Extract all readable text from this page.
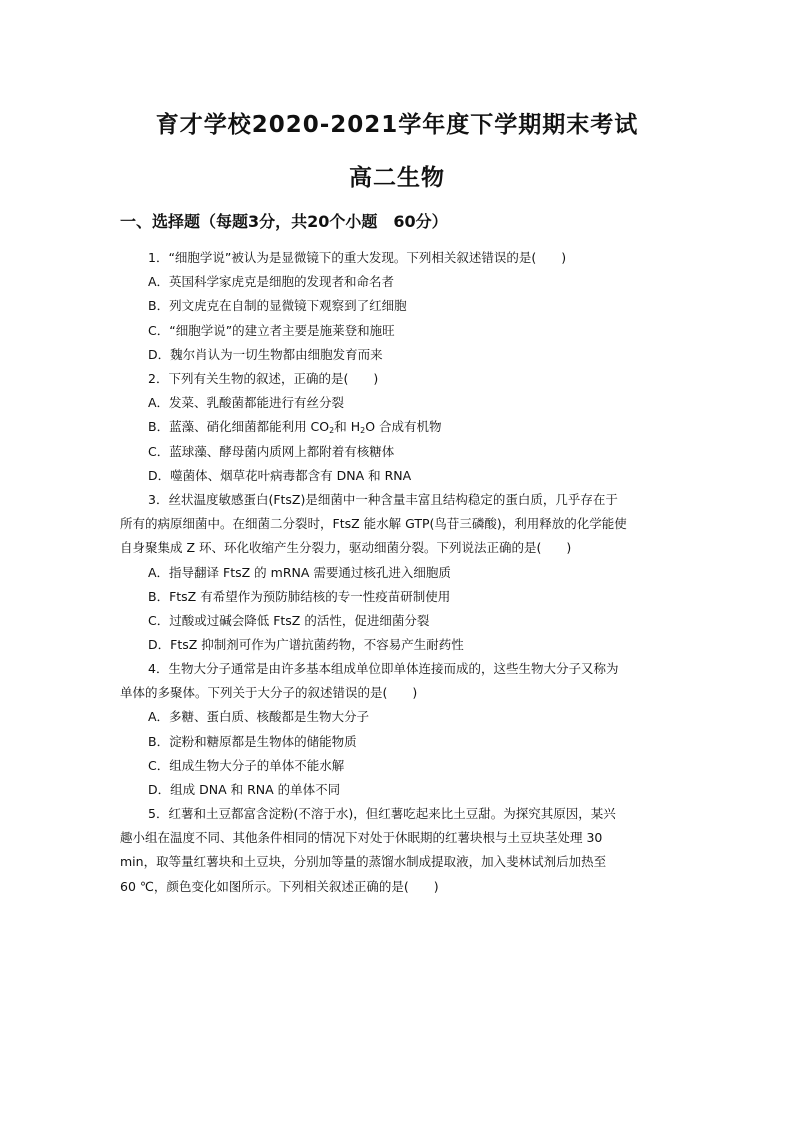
育才学校2020-2021学年度下学期期末考试
高二生物
一、选择题（每题3分，共20个小题　60分）
1．“细胞学说”被认为是显微镜下的重大发现。下列相关叙述错误的是(　　)
A．英国科学家虎克是细胞的发现者和命名者
B．列文虎克在自制的显微镜下观察到了红细胞
C．“细胞学说”的建立者主要是施莱登和施旺
D．魏尔肖认为一切生物都由细胞发育而来
2．下列有关生物的叙述，正确的是(　　)
A．发菜、乳酸菌都能进行有丝分裂
B．蓝藻、硝化细菌都能利用 $CO_2$和 $H_2O$ 合成有机物
C．蓝球藻、酵母菌内质网上都附着有核糖体
D．噬菌体、烟草花叶病毒都含有 DNA 和 RNA
3．丝状温度敏感蛋白(FtsZ)是细菌中一种含量丰富且结构稳定的蛋白质，几乎存在于
所有的病原细菌中。在细菌二分裂时，FtsZ 能水解 GTP(鸟苷三磷酸)，利用释放的化学能使
自身聚集成 Z 环、环化收缩产生分裂力，驱动细菌分裂。下列说法正确的是(　　)
A．指导翻译 FtsZ 的 mRNA 需要通过核孔进入细胞质
B．FtsZ 有希望作为预防肺结核的专一性疫苗研制使用
C．过酸或过碱会降低 FtsZ 的活性，促进细菌分裂
D．FtsZ 抑制剂可作为广谱抗菌药物，不容易产生耐药性
4．生物大分子通常是由许多基本组成单位即单体连接而成的，这些生物大分子又称为
单体的多聚体。下列关于大分子的叙述错误的是(　　)
A．多糖、蛋白质、核酸都是生物大分子
B．淀粉和糖原都是生物体的储能物质
C．组成生物大分子的单体不能水解
D．组成 DNA 和 RNA 的单体不同
5．红薯和土豆都富含淀粉(不溶于水)，但红薯吃起来比土豆甜。为探究其原因，某兴
趣小组在温度不同、其他条件相同的情况下对处于休眠期的红薯块根与土豆块茎处理 30
min，取等量红薯块和土豆块，分别加等量的蒸馏水制成提取液，加入斐林试剂后加热至
60 ℃，颜色变化如图所示。下列相关叙述正确的是(　　)
